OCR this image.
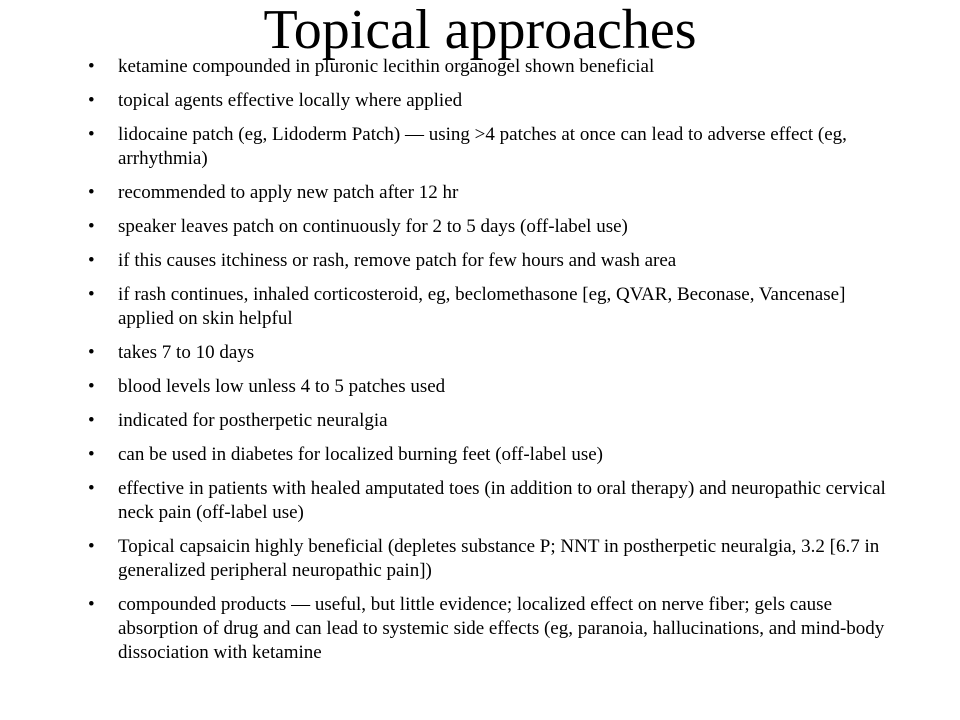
Topical approaches
• ketamine compounded in pluronic lecithin organogel shown beneficial
• topical agents effective locally where applied
• lidocaine patch (eg, Lidoderm Patch) — using >4 patches at once can lead to adverse effect (eg, arrhythmia)
• recommended to apply new patch after 12 hr
• speaker leaves patch on continuously for 2 to 5 days (off-label use)
• if this causes itchiness or rash, remove patch for few hours and wash area
• if rash continues, inhaled corticosteroid, eg, beclomethasone [eg, QVAR, Beconase, Vancenase] applied on skin helpful
• takes 7 to 10 days
• blood levels low unless 4 to 5 patches used
• indicated for postherpetic neuralgia
• can be used in diabetes for localized burning feet (off-label use)
• effective in patients with healed amputated toes (in addition to oral therapy) and neuropathic cervical neck pain (off-label use)
• Topical capsaicin highly beneficial (depletes substance P; NNT in postherpetic neuralgia, 3.2 [6.7 in generalized peripheral neuropathic pain])
• compounded products — useful, but little evidence; localized effect on nerve fiber; gels cause absorption of drug and can lead to systemic side effects (eg, paranoia, hallucinations, and mind-body dissociation with ketamine
